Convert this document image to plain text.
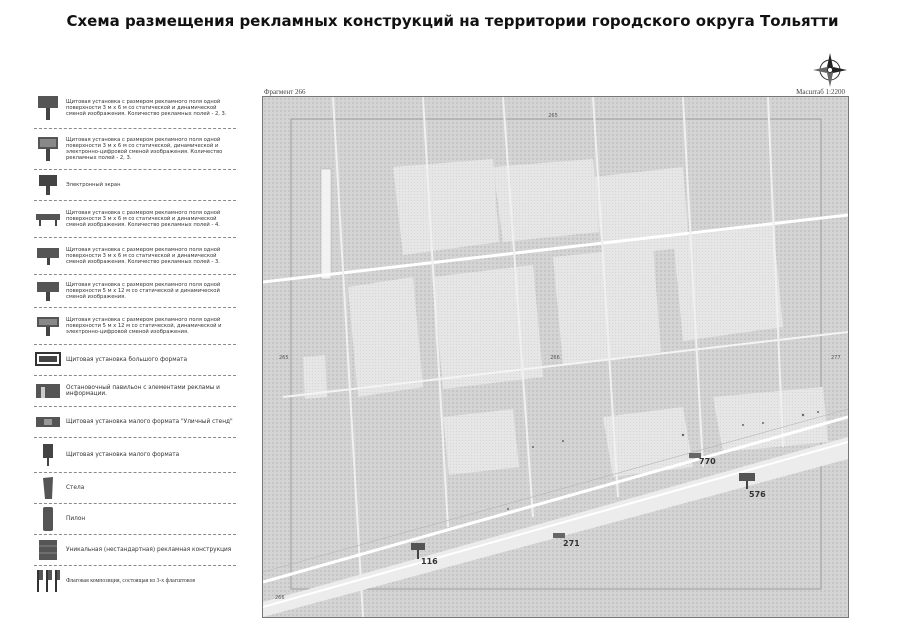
Схема размещения рекламных конструкций на территории городского округа Тольятти
Щитовая установка с размером рекламного поля одной поверхности 3 м х 6 м со статической и динамической сменой изображения. Количество рекламных полей - 2, 3.
Щитовая установка с размером рекламного поля одной поверхности 3 м х 6 м со статической, динамической и электронно-цифровой сменой изображения. Количество рекламных полей - 2, 3.
Электронный экран
Щитовая установка с размером рекламного поля одной поверхности 3 м х 6 м со статической и динамической сменой изображения. Количество рекламных полей - 4.
Щитовая установка с размером рекламного поля одной поверхности 3 м х 6 м со статической и динамической сменой изображения. Количество рекламных полей - 3.
Щитовая установка с размером рекламного поля одной поверхности 5 м х 12 м со статической и динамической сменой изображения.
Щитовая установка с размером рекламного поля одной поверхности 5 м х 12 м со статической, динамической и электронно-цифровой сменой изображения.
Щитовая установка большого формата
Остановочный павильон с элементами рекламы и информации.
Щитовая установка малого формата "Уличный стенд"
Щитовая установка малого формата
Стела
Пилон
Уникальная (нестандартная) рекламная конструкция
Флаговая композиция, состоящая из 3-х флагштоков
Фрагмент 266	Масштаб 1:2200
265
265	266	277
266
770
576
271
116
